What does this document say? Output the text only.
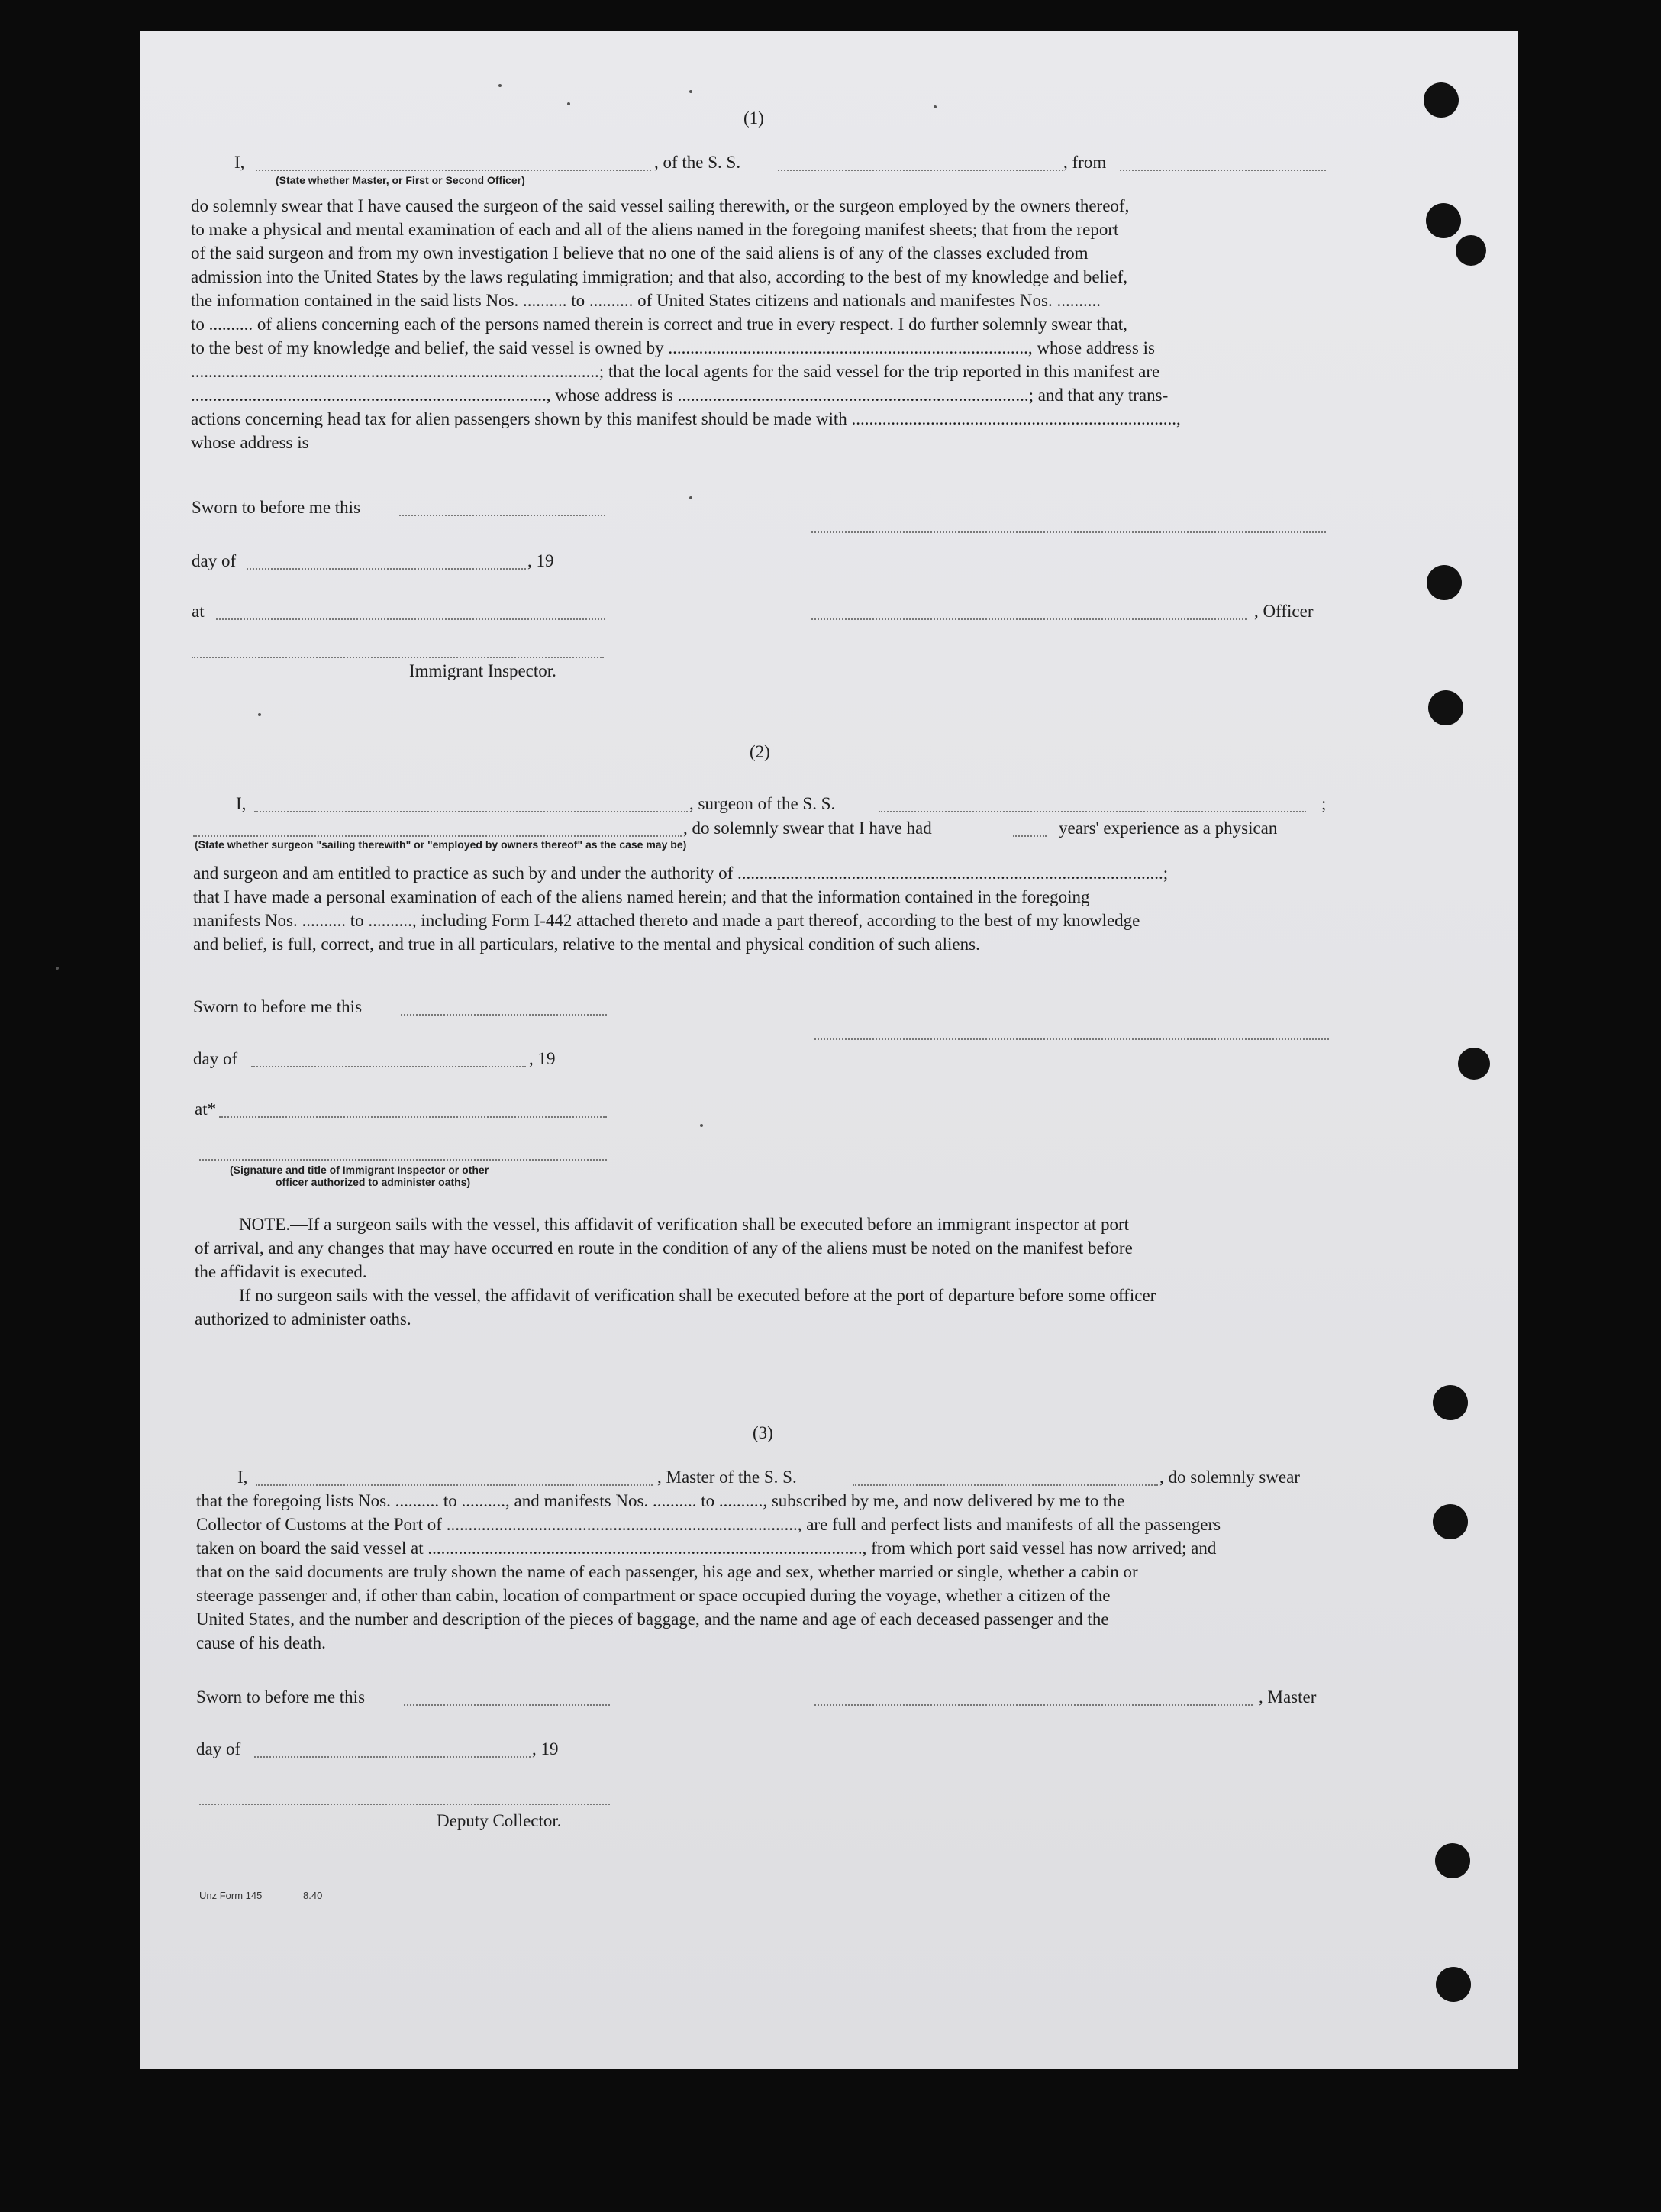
(1)
I,	, of the S. S.	, from
(State whether Master, or First or Second Officer)
do solemnly swear that I have caused the surgeon of the said vessel sailing therewith, or the surgeon employed by the owners thereof,
to make a physical and mental examination of each and all of the aliens named in the foregoing manifest sheets; that from the report
of the said surgeon and from my own investigation I believe that no one of the said aliens is of any of the classes excluded from
admission into the United States by the laws regulating immigration; and that also, according to the best of my knowledge and belief,
the information contained in the said lists Nos. .......... to .......... of United States citizens and nationals and manifestes Nos. ..........
to .......... of aliens concerning each of the persons named therein is correct and true in every respect. I do further solemnly swear that,
to the best of my knowledge and belief, the said vessel is owned by .................................................................................., whose address is
.............................................................................................; that the local agents for the said vessel for the trip reported in this manifest are
................................................................................., whose address is ................................................................................; and that any trans-
actions concerning head tax for alien passengers shown by this manifest should be made with ..........................................................................,
whose address is
Sworn to before me this
day of	, 19
at	, Officer
Immigrant Inspector.
(2)
I,	, surgeon of the S. S.	;
, do solemnly swear that I have had	years' experience as a physican
(State whether surgeon "sailing therewith" or "employed by owners thereof" as the case may be)
and surgeon and am entitled to practice as such by and under the authority of .................................................................................................;
that I have made a personal examination of each of the aliens named herein; and that the information contained in the foregoing
manifests Nos. .......... to .........., including Form I-442 attached thereto and made a part thereof, according to the best of my knowledge
and belief, is full, correct, and true in all particulars, relative to the mental and physical condition of such aliens.
Sworn to before me this
day of	, 19
at*
(Signature and title of Immigrant Inspector or other
officer authorized to administer oaths)
NOTE.—If a surgeon sails with the vessel, this affidavit of verification shall be executed before an immigrant inspector at port
of arrival, and any changes that may have occurred en route in the condition of any of the aliens must be noted on the manifest before
the affidavit is executed.
If no surgeon sails with the vessel, the affidavit of verification shall be executed before at the port of departure before some officer
authorized to administer oaths.
(3)
I,	, Master of the S. S.	, do solemnly swear
that the foregoing lists Nos. .......... to .........., and manifests Nos. .......... to .........., subscribed by me, and now delivered by me to the
Collector of Customs at the Port of ................................................................................, are full and perfect lists and manifests of all the passengers
taken on board the said vessel at ..................................................................................................., from which port said vessel has now arrived; and
that on the said documents are truly shown the name of each passenger, his age and sex, whether married or single, whether a cabin or
steerage passenger and, if other than cabin, location of compartment or space occupied during the voyage, whether a citizen of the
United States, and the number and description of the pieces of baggage, and the name and age of each deceased passenger and the
cause of his death.
Sworn to before me this	, Master
day of	, 19
Deputy Collector.
Unz Form 145	8.40
